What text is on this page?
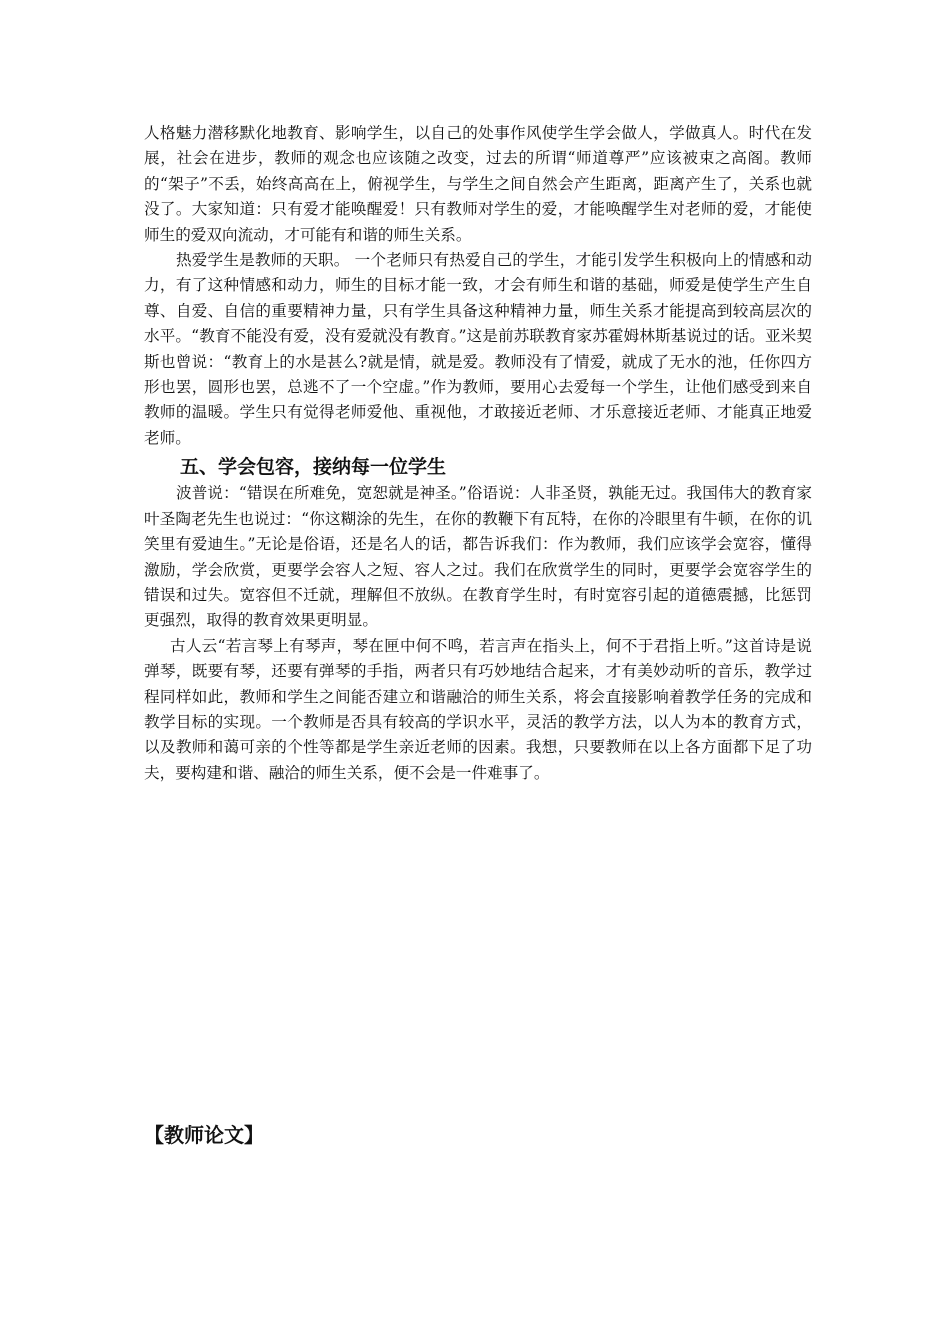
人格魅力潜移默化地教育、影响学生，以自己的处事作风使学生学会做人，学做真人。时代在发展，社会在进步，教师的观念也应该随之改变，过去的所谓“师道尊严”应该被束之高阁。教师的“架子”不丢，始终高高在上，俯视学生，与学生之间自然会产生距离，距离产生了，关系也就没了。大家知道：只有爱才能唤醒爱！只有教师对学生的爱，才能唤醒学生对老师的爱，才能使师生的爱双向流动，才可能有和谐的师生关系。

热爱学生是教师的天职。 一个老师只有热爱自己的学生，才能引发学生积极向上的情感和动力，有了这种情感和动力，师生的目标才能一致，才会有师生和谐的基础，师爱是使学生产生自尊、自爱、自信的重要精神力量，只有学生具备这种精神力量，师生关系才能提高到较高层次的水平。“教育不能没有爱，没有爱就没有教育。”这是前苏联教育家苏霍姆林斯基说过的话。亚米契斯也曾说：“教育上的水是甚么?就是情，就是爱。教师没有了情爱，就成了无水的池，任你四方形也罢，圆形也罢，总逃不了一个空虚。”作为教师，要用心去爱每一个学生，让他们感受到来自教师的温暖。学生只有觉得老师爱他、重视他，才敢接近老师、才乐意接近老师、才能真正地爱老师。

五、学会包容，接纳每一位学生

波普说：“错误在所难免，宽恕就是神圣。”俗语说：人非圣贤，孰能无过。我国伟大的教育家叶圣陶老先生也说过：“你这糊涂的先生，在你的教鞭下有瓦特，在你的冷眼里有牛顿，在你的讥笑里有爱迪生。”无论是俗语，还是名人的话，都告诉我们：作为教师，我们应该学会宽容，懂得激励，学会欣赏，更要学会容人之短、容人之过。我们在欣赏学生的同时，更要学会宽容学生的错误和过失。宽容但不迁就，理解但不放纵。在教育学生时，有时宽容引起的道德震撼，比惩罚更强烈，取得的教育效果更明显。

古人云“若言琴上有琴声，琴在匣中何不鸣，若言声在指头上，何不于君指上听。”这首诗是说弹琴，既要有琴，还要有弹琴的手指，两者只有巧妙地结合起来，才有美妙动听的音乐，教学过程同样如此，教师和学生之间能否建立和谐融洽的师生关系，将会直接影响着教学任务的完成和教学目标的实现。一个教师是否具有较高的学识水平，灵活的教学方法，以人为本的教育方式，以及教师和蔼可亲的个性等都是学生亲近老师的因素。我想，只要教师在以上各方面都下足了功夫，要构建和谐、融洽的师生关系，便不会是一件难事了。

【教师论文】
